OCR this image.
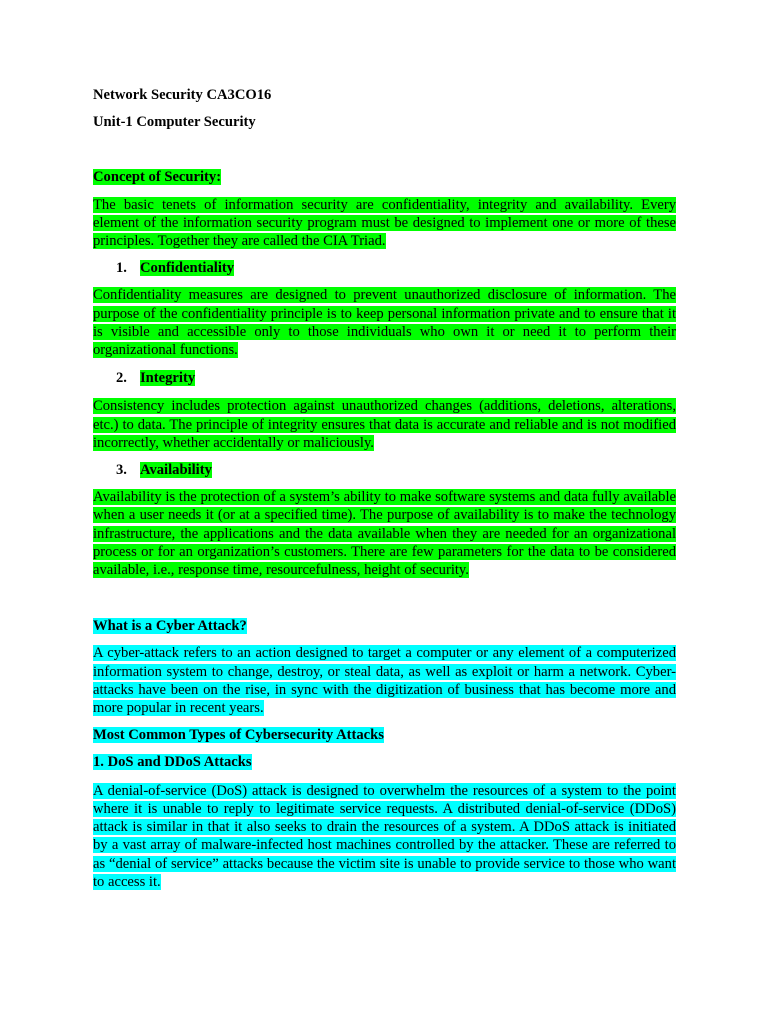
Network Security CA3CO16

Unit-1 Computer Security

Concept of Security:

The basic tenets of information security are confidentiality, integrity and availability. Every element of the information security program must be designed to implement one or more of these principles. Together they are called the CIA Triad.

1. Confidentiality

Confidentiality measures are designed to prevent unauthorized disclosure of information. The purpose of the confidentiality principle is to keep personal information private and to ensure that it is visible and accessible only to those individuals who own it or need it to perform their organizational functions.

2. Integrity

Consistency includes protection against unauthorized changes (additions, deletions, alterations, etc.) to data. The principle of integrity ensures that data is accurate and reliable and is not modified incorrectly, whether accidentally or maliciously.

3. Availability

Availability is the protection of a system’s ability to make software systems and data fully available when a user needs it (or at a specified time). The purpose of availability is to make the technology infrastructure, the applications and the data available when they are needed for an organizational process or for an organization’s customers. There are few parameters for the data to be considered available, i.e., response time, resourcefulness, height of security.

What is a Cyber Attack?

A cyber-attack refers to an action designed to target a computer or any element of a computerized information system to change, destroy, or steal data, as well as exploit or harm a network. Cyber-attacks have been on the rise, in sync with the digitization of business that has become more and more popular in recent years.

Most Common Types of Cybersecurity Attacks

1. DoS and DDoS Attacks

A denial-of-service (DoS) attack is designed to overwhelm the resources of a system to the point where it is unable to reply to legitimate service requests. A distributed denial-of-service (DDoS) attack is similar in that it also seeks to drain the resources of a system. A DDoS attack is initiated by a vast array of malware-infected host machines controlled by the attacker. These are referred to as “denial of service” attacks because the victim site is unable to provide service to those who want to access it.
